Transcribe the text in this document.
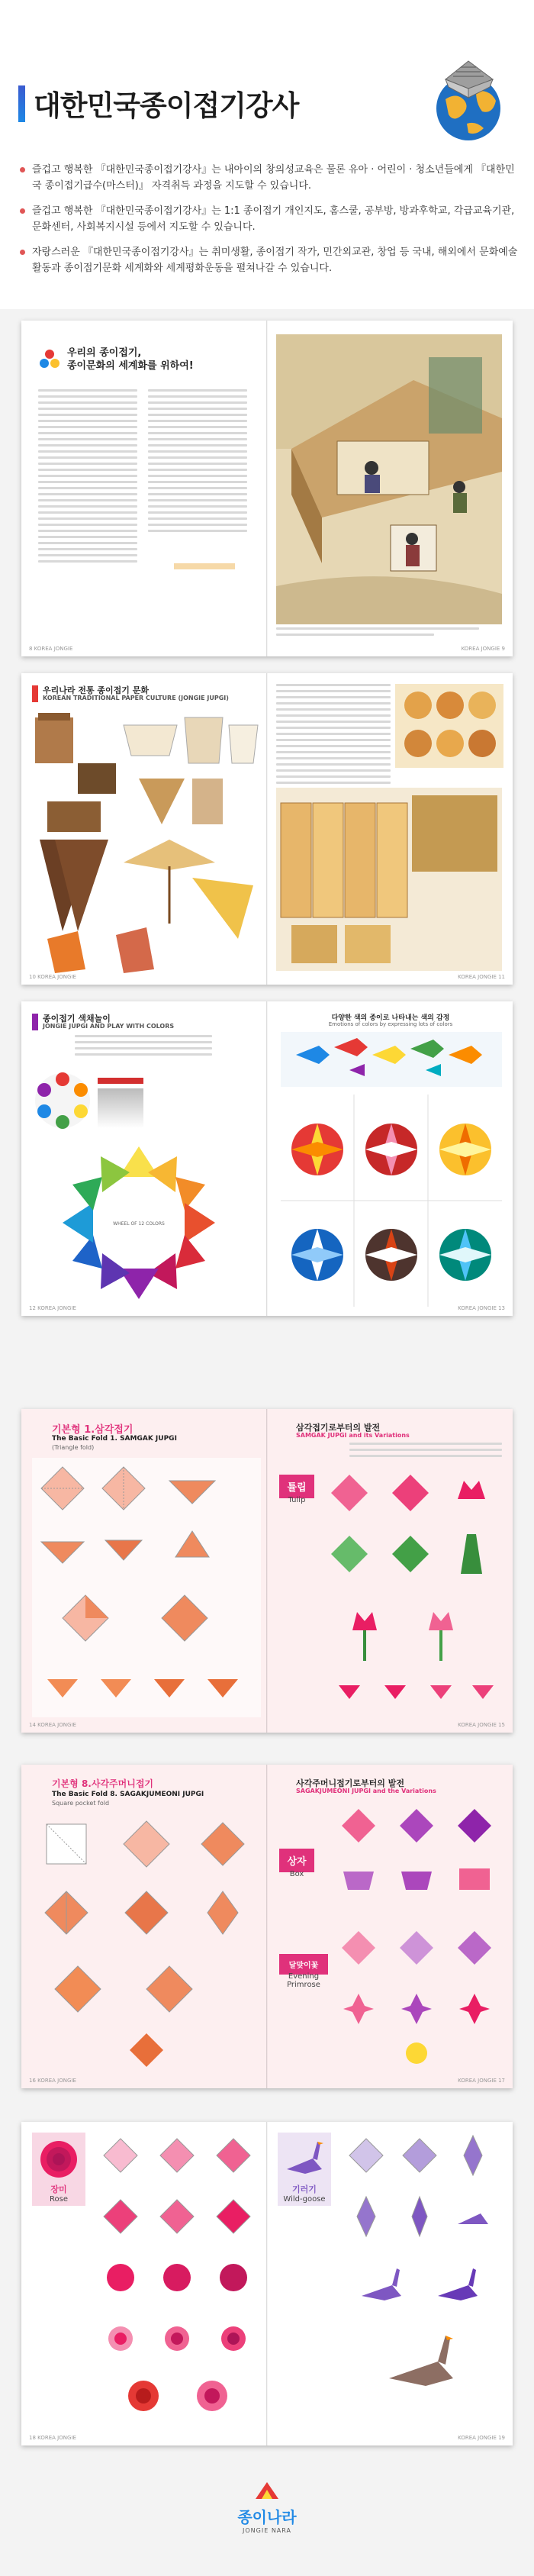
대한민국종이접기강사
즐겁고 행복한 『대한민국종이접기강사』는 내아이의 창의성교육은 물론 유아 · 어린이 · 청소년들에게 『대한민국 종이접기급수(마스터)』 자격취득 과정을 지도할 수 있습니다.
즐겁고 행복한 『대한민국종이접기강사』는 1:1 종이접기 개인지도, 홈스쿨, 공부방, 방과후학교, 각급교육기관, 문화센터, 사회복지시설 등에서 지도할 수 있습니다.
자랑스러운 『대한민국종이접기강사』는 취미생활, 종이접기 작가, 민간외교관, 창업 등 국내, 해외에서 문화예술활동과 종이접기문화 세계화와 세계평화운동을 펼쳐나갈 수 있습니다.
우리의 종이접기,
종이문화의 세계화를 위하여!
8 KOREA JONGIE	KOREA JONGIE 9
우리나라 전통 종이접기 문화
KOREAN TRADITIONAL PAPER CULTURE (JONGIE JUPGI)
10 KOREA JONGIE	KOREA JONGIE 11
종이접기 색채놀이
JONGIE JUPGI AND PLAY WITH COLORS
WHEEL OF 12 COLORS
12 KOREA JONGIE
다양한 색의 종이로 나타내는 색의 감정
Emotions of colors by expressing lots of colors
KOREA JONGIE 13
기본형 1.삼각접기
The Basic Fold 1. SAMGAK JUPGI
(Triangle fold)
14 KOREA JONGIE
삼각접기로부터의 발전
SAMGAK JUPGI and its Variations
튤립
Tulip
KOREA JONGIE 15
기본형 8.사각주머니접기
The Basic Fold 8. SAGAKJUMEONI JUPGI
Square pocket fold
16 KOREA JONGIE
사각주머니접기로부터의 발전
SAGAKJUMEONI JUPGI and the Variations
상자
Box
달맞이꽃
Evening Primrose
KOREA JONGIE 17
장미
Rose
18 KOREA JONGIE
기러기
Wild-goose
KOREA JONGIE 19
종이나라
JONGIE NARA
